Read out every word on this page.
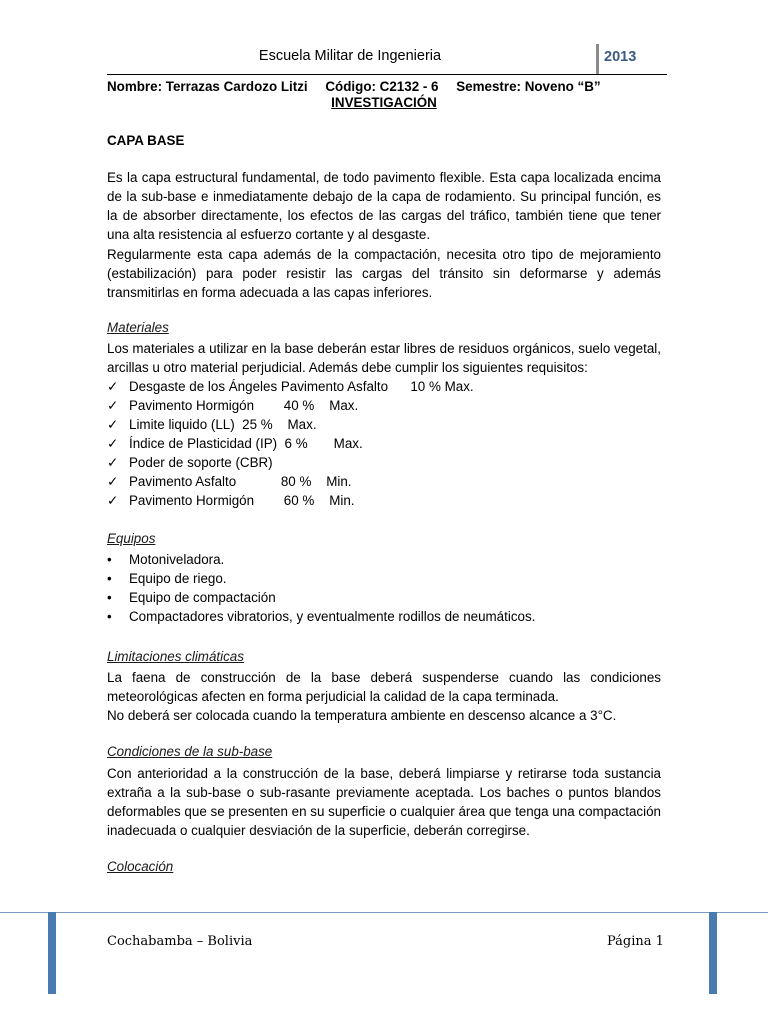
Escuela Militar de Ingenieria	2013
Nombre: Terrazas Cardozo Litzi Código: C2132 - 6 Semestre: Noveno “B”
INVESTIGACIÓN
CAPA BASE
Es la capa estructural fundamental, de todo pavimento flexible. Esta capa localizada encima de la sub-base e inmediatamente debajo de la capa de rodamiento. Su principal función, es la de absorber directamente, los efectos de las cargas del tráfico, también tiene que tener una alta resistencia al esfuerzo cortante y al desgaste.
Regularmente esta capa además de la compactación, necesita otro tipo de mejoramiento (estabilización) para poder resistir las cargas del tránsito sin deformarse y además transmitirlas en forma adecuada a las capas inferiores.
Materiales
Los materiales a utilizar en la base deberán estar libres de residuos orgánicos, suelo vegetal, arcillas u otro material perjudicial. Además debe cumplir los siguientes requisitos:
✓ Desgaste de los Ángeles Pavimento Asfalto      10 % Max.
✓ Pavimento Hormigón        40 %    Max.
✓ Limite liquido (LL)  25 %    Max.
✓ Índice de Plasticidad (IP)  6 %       Max.
✓ Poder de soporte (CBR)
✓ Pavimento Asfalto            80 %    Min.
✓ Pavimento Hormigón        60 %    Min.
Equipos
•	Motoniveladora.
•	Equipo de riego.
•	Equipo de compactación
•	Compactadores vibratorios, y eventualmente rodillos de neumáticos.
Limitaciones climáticas
La faena de construcción de la base deberá suspenderse cuando las condiciones meteorológicas afecten en forma perjudicial la calidad de la capa terminada.
No deberá ser colocada cuando la temperatura ambiente en descenso alcance a 3°C.
Condiciones de la sub-base
Con anterioridad a la construcción de la base, deberá limpiarse y retirarse toda sustancia extraña a la sub-base o sub-rasante previamente aceptada. Los baches o puntos blandos deformables que se presenten en su superficie o cualquier área que tenga una compactación inadecuada o cualquier desviación de la superficie, deberán corregirse.
Colocación
Cochabamba – Bolivia	Página 1
